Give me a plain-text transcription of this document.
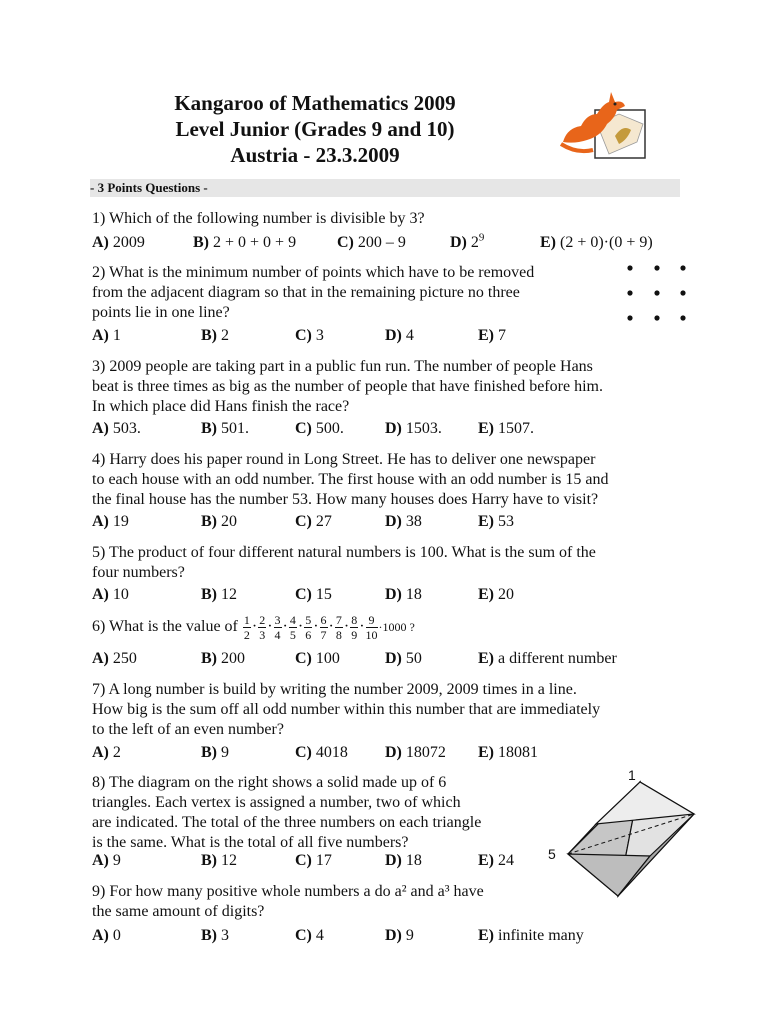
Kangaroo of Mathematics 2009
Level Junior (Grades 9 and 10)
Austria - 23.3.2009
- 3 Points Questions -
1) Which of the following number is divisible by 3?
A) 2009	B) 2 + 0 + 0 + 9	C) 200 – 9	D) $2^9$	E) (2 + 0)·(0 + 9)
2) What is the minimum number of points which have to be removed
from the adjacent diagram so that in the remaining picture no three
points lie in one line?
A) 1	B) 2	C) 3	D) 4	E) 7
3) 2009 people are taking part in a public fun run. The number of people Hans
beat is three times as big as the number of people that have finished before him.
In which place did Hans finish the race?
A) 503.	B) 501.	C) 500.	D) 1503. E) 1507.
4) Harry does his paper round in Long Street. He has to deliver one newspaper
to each house with an odd number. The first house with an odd number is 15 and
the final house has the number 53. How many houses does Harry have to visit?
A) 19	B) 20	C) 27	D) 38	E) 53
5) The product of four different natural numbers is 100. What is the sum of the
four numbers?
A) 10	B) 12	C) 15	D) 18	E) 20
6) What is the value of $\frac{1}{2} \cdot \frac{2}{3} \cdot \frac{3}{4} \cdot \frac{4}{5} \cdot \frac{5}{6} \cdot \frac{6}{7} \cdot \frac{7}{8} \cdot \frac{8}{9} \cdot \frac{9}{10} \cdot 1000$ ?
A) 250	B) 200	C) 100	D) 50	E) a different number
7) A long number is build by writing the number 2009, 2009 times in a line.
How big is the sum off all odd number within this number that are immediately
to the left of an even number?
A) 2	B) 9	C) 4018 D) 18072 E) 18081
8) The diagram on the right shows a solid made up of 6
triangles. Each vertex is assigned a number, two of which
are indicated. The total of the three numbers on each triangle
is the same. What is the total of all five numbers?
1
5
A) 9	B) 12	C) 17	D) 18	E) 24
9) For how many positive whole numbers a do a² and a³ have
the same amount of digits?
A) 0	B) 3	C) 4	D) 9	E) infinite many
